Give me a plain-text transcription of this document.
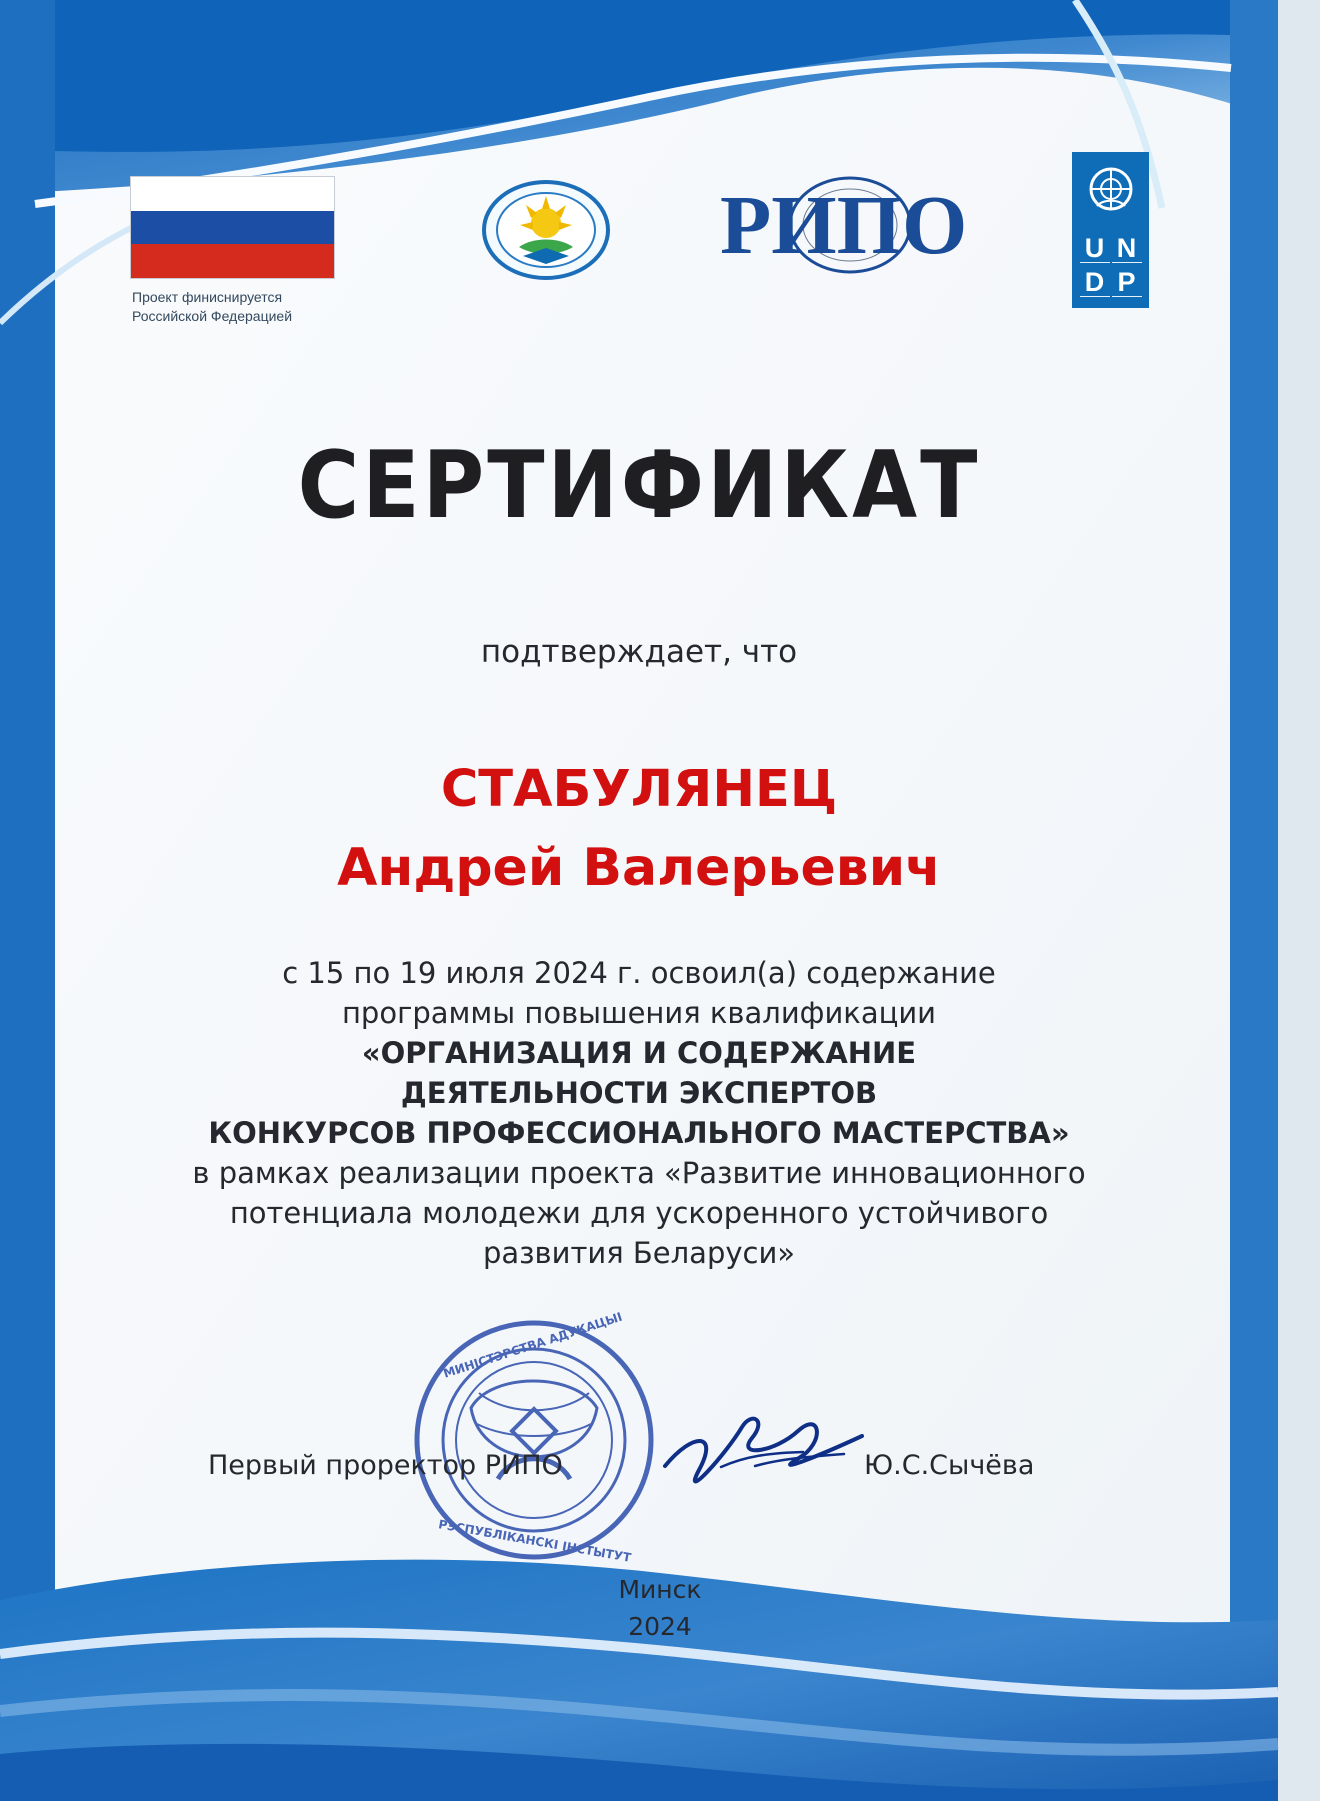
Проект финиснируется
Российской Федерацией
РИПО	U N
D P
СЕРТИФИКАТ
подтверждает, что
СТАБУЛЯНЕЦ
Андрей Валерьевич
с 15 по 19 июля 2024 г. освоил(а) содержание
программы повышения квалификации
«ОРГАНИЗАЦИЯ И СОДЕРЖАНИЕ
ДЕЯТЕЛЬНОСТИ ЭКСПЕРТОВ
КОНКУРСОВ ПРОФЕССИОНАЛЬНОГО МАСТЕРСТВА»
в рамках реализации проекта «Развитие инновационного
потенциала молодежи для ускоренного устойчивого
развития Беларуси»
МИНІСТЭРСТВА АДУКАЦЫІ
РЭСПУБЛІКАНСКІ ІНСТЫТУТ
Первый проректор РИПО	Ю.С.Сычёва
Минск
2024
